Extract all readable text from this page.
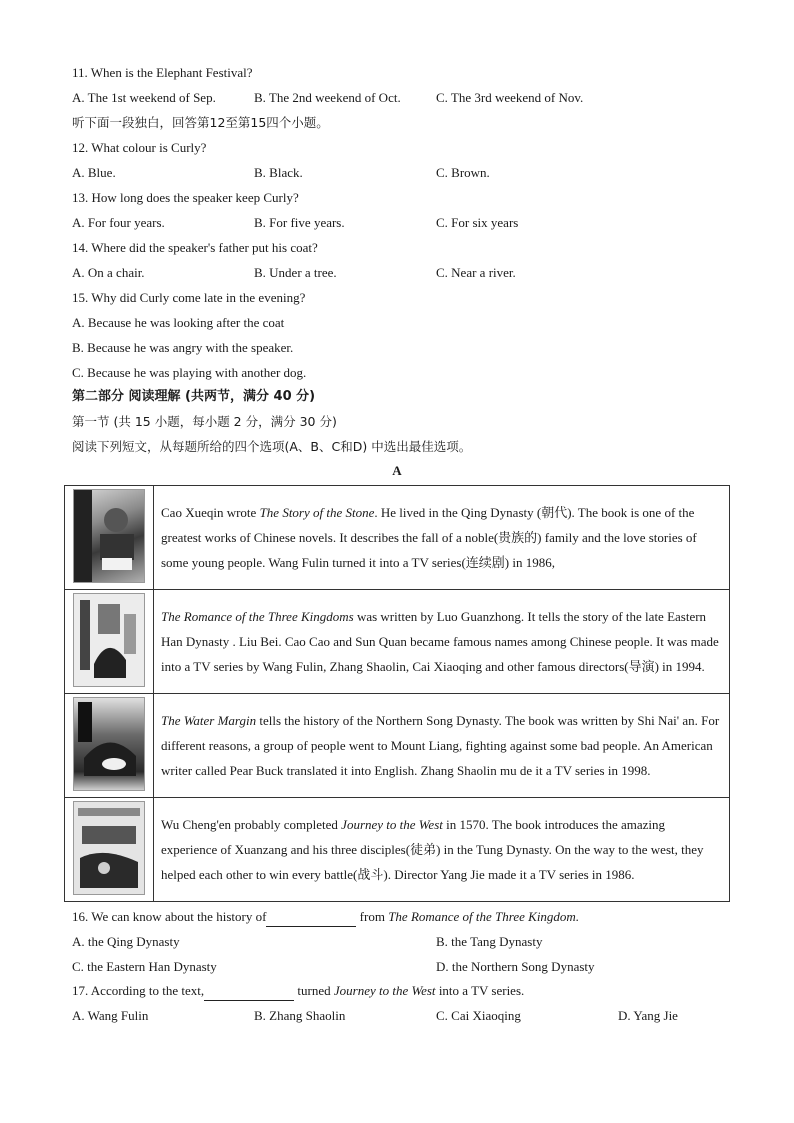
11. When is the Elephant Festival?
A. The 1st weekend of Sep.	B. The 2nd weekend of Oct.	C. The 3rd weekend of Nov.
听下面一段独白，回答第12至第15四个小题。
12. What colour is Curly?
A. Blue.	B. Black.	C. Brown.
13. How long does the speaker keep Curly?
A. For four years.	B. For five years.	C. For six years
14. Where did the speaker's father put his coat?
A. On a chair.	B. Under a tree.	C. Near a river.
15. Why did Curly come late in the evening?
A. Because he was looking after the coat
B. Because he was angry with the speaker.
C. Because he was playing with another dog.
第二部分 阅读理解 (共两节，满分 40 分)
第一节 (共 15 小题，每小题 2 分，满分 30 分)
阅读下列短文，从每题所给的四个选项(A、B、C和D) 中选出最佳选项。
A
	Cao Xueqin wrote The Story of the Stone. He lived in the Qing Dynasty (朝代). The book is one of the greatest works of Chinese novels. It describes the fall of a noble(贵族的) family and the love stories of some young people. Wang Fulin turned it into a TV series(连续剧) in 1986,
	The Romance of the Three Kingdoms was written by Luo Guanzhong. It tells the story of the late Eastern Han Dynasty . Liu Bei. Cao Cao and Sun Quan became famous names among Chinese people. It was made into a TV series by Wang Fulin, Zhang Shaolin, Cai Xiaoqing and other famous directors(导演) in 1994.
	The Water Margin tells the history of the Northern Song Dynasty. The book was written by Shi Nai' an. For different reasons, a group of people went to Mount Liang, fighting against some bad people. An American writer called Pear Buck translated it into English. Zhang Shaolin mu de it a TV series in 1998.
	Wu Cheng'en probably completed Journey to the West in 1570. The book introduces the amazing experience of Xuanzang and his three disciples(徒弟) in the Tung Dynasty. On the way to the west, they helped each other to win every battle(战斗). Director Yang Jie made it a TV series in 1986.
16. We can know about the history of	from The Romance of the Three Kingdom.
A. the Qing Dynasty	B. the Tang Dynasty
C. the Eastern Han Dynasty	D. the Northern Song Dynasty
17. According to the text,	turned Journey to the West into a TV series.
A. Wang Fulin	B. Zhang Shaolin	C. Cai Xiaoqing	D. Yang Jie
